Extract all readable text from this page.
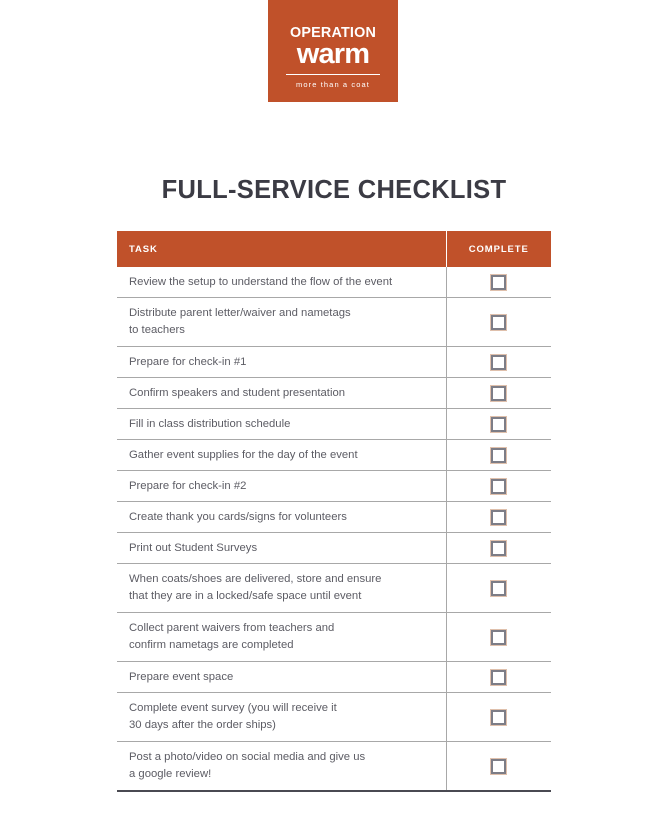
OPERATION
warm
more than a coat
FULL-SERVICE CHECKLIST
TASK	COMPLETE

Review the setup to understand the flow of the event	

Distribute parent letter/waiver and nametags
to teachers	

Prepare for check-in #1	

Confirm speakers and student presentation	

Fill in class distribution schedule	

Gather event supplies for the day of the event	

Prepare for check-in #2	

Create thank you cards/signs for volunteers	

Print out Student Surveys	

When coats/shoes are delivered, store and ensure
that they are in a locked/safe space until event	

Collect parent waivers from teachers and
confirm nametags are completed	

Prepare event space	

Complete event survey (you will receive it
30 days after the order ships)	

Post a photo/video on social media and give us
a google review!	
